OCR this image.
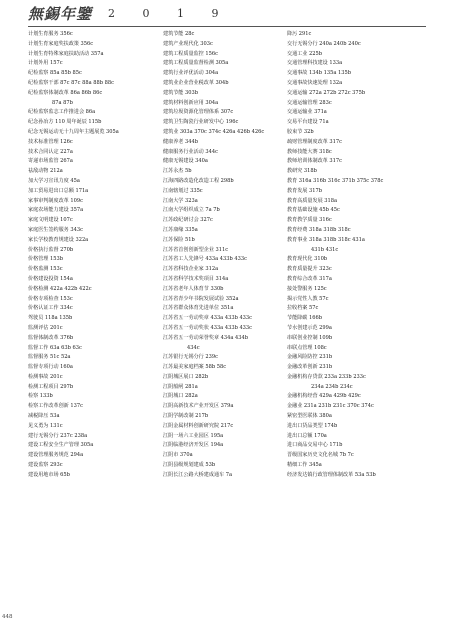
無錫年鑒 2 0 1 9
计划生育服务 356c
计划生育家庭奖扶政策 356c
计划生育特殊家庭扶助活动 357a
计划外用 157c
纪检监察 85a 85b 85c
纪检监察干部 87c 87c 88a 88b 88c
纪检监察体制改革 86a 86b 86c
87a 87b
纪检监察监志工作推进会 86a
纪念孙冶方 110 周年诞辰 115b
纪念无锡运动无十九周年主题展览 305a
技术标准管理 126c
技术合同认定 227a
寄递市场监管 267a
祛敌动物 212a
加大学习宣讯力度 45a
加工贸易进出口总额 171a
家事审判制度改革 109c
家庭农场能力建设 357a
家庭文明建设 107c
家庭医生签约服务 343c
家长学校教育规建设 322a
价格执行监督 270b
价格管理 153b
价格监测 153c
价格建设投资 154a
价格检测 422a 422b 422c
价格专项检查 153c
价格认证工作 334c
驾驶员 118a 135b
监测评估 201c
监督体制改革 376b
监督工作 63a 63b 63c
监督服务 51c 52a
监督专项行动 160a
检测事故 201c
检测工程项目 297b
检察 133b
检察工作改革创新 137c
减税降压 53a
见义勇为 131c
建行无锡分行 237c 238a
建设工程安全生产管理 305a
建设管理服务规范 294a
建设监察 293c
建设用地市场 65b
建筑节能 28c
建筑产业现代化 303c
建筑工程质量监控 156c
建筑工程质量监督检测 305a
建筑行业评优活动 304a
建筑业企业营业税改革 304b
建筑节能 303b
建筑材料创新应用 304a
建筑垃圾资源化管理体系 307c
建筑卫生陶瓷行业研发中心 196c
建筑业 303a 370c 374c 426a 426b 426c
健康养老 344b
健康服务行业活动 344c
健康无锡建设 340a
江苏永杰 5b
江海四路改造化改造工程 298b
江南辖划过 335c
江南大学 323a
江南大学组织成立 7a 7b
江苏政纪研讨会 327c
江苏康缘 335a
江苏保险 51b
江苏省首创创新型企业 311c
江苏省工人先锋号 433a 433b 433c
江苏省科技企业家 312a
江苏省科学技术奖项目 314a
江苏省老年人体育节 330b
江苏省青少年书院发展试验 352a
江苏省群众体育先进单位 351a
江苏省五一劳动奖章 433a 433b 433c
江苏省五一劳动奖状 433a 433b 433c
江苏省五一劳动荣誉奖章 434a 434b
434c
江苏银行无锡分行 239c
江苏最美家庭档案 58b 58c
江阴城区展口 282b
江阴船闸 281a
江阴城口 282a
江阴高新技术产业开发区 379a
江阴学制改制 217b
江阴金属材料创新研究院 217c
江阴一场六工业园区 195a
江阴临港经济开发区 194a
江阴市 370a
江阴县级规划建成 53b
江阴长江公路大桥建成通车 7a
降污 291c
交行无锡分行 240a 240b 240c
交通工业 225b
交通管理科技建设 133a
交通事故 134b 135a 135b
交通事故快速处理 132a
交通运输 272a 272b 272c 375b
交通运输管理 283c
交通运输业 371a
交易平台建设 71a
胶束节 32b
疏财管理制度改革 317c
教师技能大赛 318c
教师培训体制改革 317c
教研究 318b
教育 316a 316b 316c 371b 375c 378c
教育发展 317b
教育高质量发展 318a
教育基础设施 45b 45c
教育教学质量 316c
教育经费 318a 318b 318c
教育事业 318a 318b 318c 431a
431b 431c
教育现代化 310b
教育质量提升 323c
教育综合改革 317a
接处警服务 125c
揭示党性人教 57c
拉收档案 57c
节能降碳 166b
节水创建示范 299a
串联创业控制 109b
串联点管理 108c
金融风险防控 231b
金融改革创新 231b
金融机构存贷款 233a 233b 233c
234a 234b 234c
金融机构经营 429a 429b 429c
金融业 231a 231b 231c 370c 374c
紧密型医联体 380a
进出口货品类型 174b
进出口总额 170a
进口商品交易中心 171b
晋级国家历史文化名城 7b 7c
精细工作 345a
经济发达镇行政管理体制改革 53a 53b
448
